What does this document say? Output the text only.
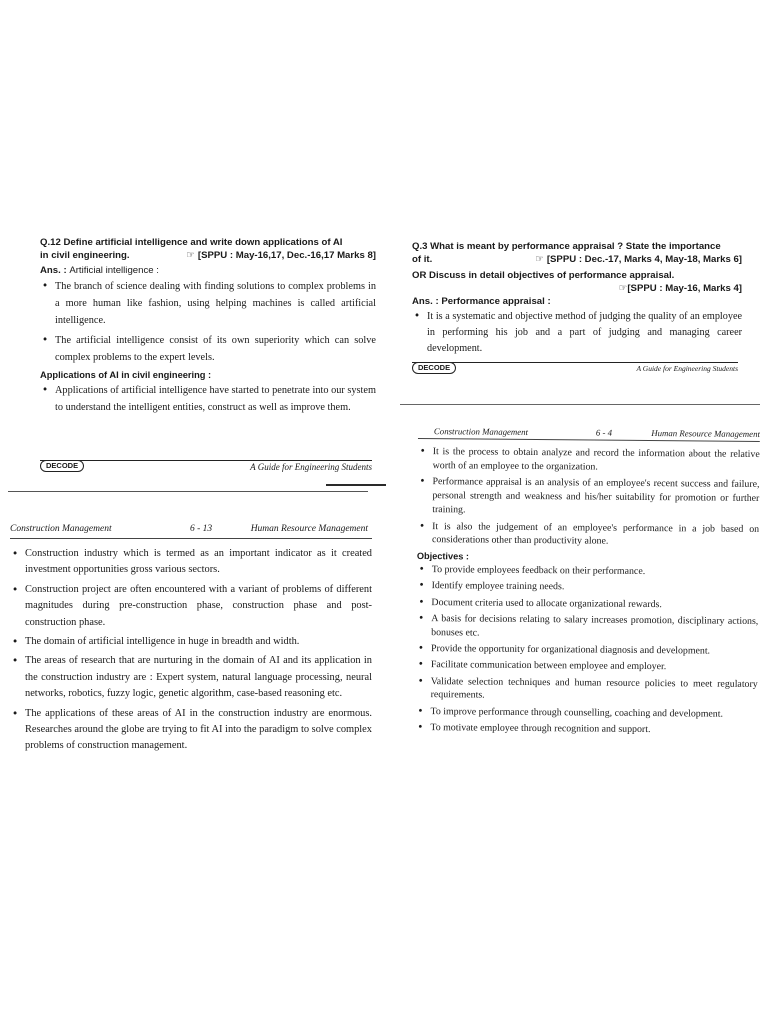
Q.12 Define artificial intelligence and write down applications of AI
in civil engineering.	☞ [SPPU : May-16,17, Dec.-16,17 Marks 8]

Ans. : Artificial intelligence :
• The branch of science dealing with finding solutions to complex problems in a more human like fashion, using helping machines is called artificial intelligence.
• The artificial intelligence consist of its own superiority which can solve complex problems to the expert levels.
Applications of AI in civil engineering :
• Applications of artificial intelligence have started to penetrate into our system to understand the intelligent entities, construct as well as improve them.
DECODE	A Guide for Engineering Students
Construction Management	6 - 13	Human Resource Management
• Construction industry which is termed as an important indicator as it created investment opportunities gross various sectors.
• Construction project are often encountered with a variant of problems of different magnitudes during pre-construction phase, construction phase and post-construction phase.
• The domain of artificial intelligence in huge in breadth and width.
• The areas of research that are nurturing in the domain of AI and its application in the construction industry are : Expert system, natural language processing, neural networks, robotics, fuzzy logic, genetic algorithm, case-based reasoning etc.
• The applications of these areas of AI in the construction industry are enormous. Researches around the globe are trying to fit AI into the paradigm to solve complex problems of construction management.

Q.3 What is meant by performance appraisal ? State the importance
of it.	☞ [SPPU : Dec.-17, Marks 4, May-18, Marks 6]

OR Discuss in detail objectives of performance appraisal.

☞[SPPU : May-16, Marks 4]

Ans. : Performance appraisal :
• It is a systematic and objective method of judging the quality of an employee in performing his job and a part of judging and managing career development.
DECODE	A Guide for Engineering Students
Construction Management	6 - 4	Human Resource Management
• It is the process to obtain analyze and record the information about the relative worth of an employee to the organization.
• Performance appraisal is an analysis of an employee's recent success and failure, personal strength and weakness and his/her suitability for promotion or further training.
• It is also the judgement of an employee's performance in a job based on considerations other than productivity alone.
Objectives :
• To provide employees feedback on their performance.
• Identify employee training needs.
• Document criteria used to allocate organizational rewards.
• A basis for decisions relating to salary increases promotion, disciplinary actions, bonuses etc.
• Provide the opportunity for organizational diagnosis and development.
• Facilitate communication between employee and employer.
• Validate selection techniques and human resource policies to meet regulatory requirements.
• To improve performance through counselling, coaching and development.
• To motivate employee through recognition and support.
